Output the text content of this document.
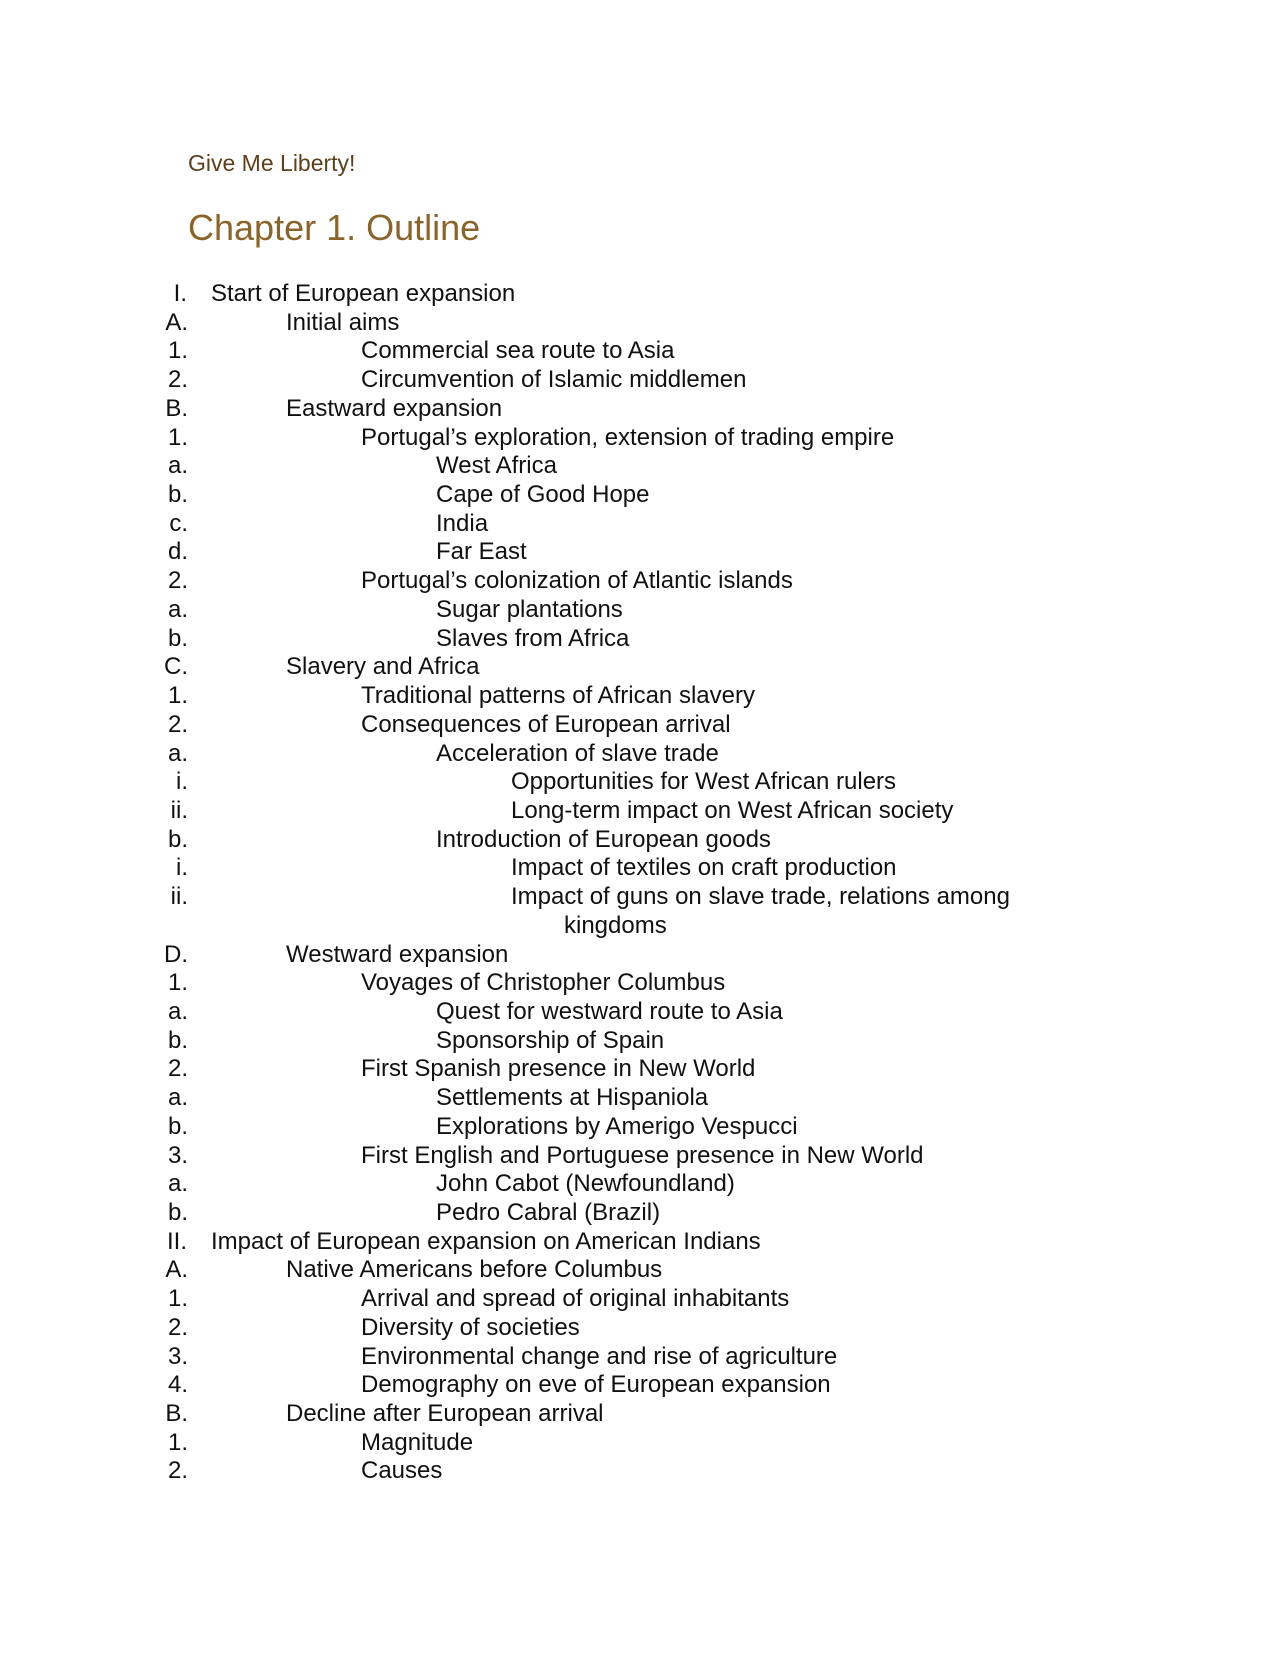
Give Me Liberty!

Chapter 1. Outline
I. Start of European expansion
A.	Initial aims
1.	Commercial sea route to Asia
2.	Circumvention of Islamic middlemen
B.	Eastward expansion
1.	Portugal’s exploration, extension of trading empire
a.	West Africa
b.	Cape of Good Hope
c.	India
d.	Far East
2.	Portugal’s colonization of Atlantic islands
a.	Sugar plantations
b.	Slaves from Africa
C.	Slavery and Africa
1.	Traditional patterns of African slavery
2.	Consequences of European arrival
a.	Acceleration of slave trade
i.	Opportunities for West African rulers
ii.	Long-term impact on West African society
b.	Introduction of European goods
i.	Impact of textiles on craft production
ii.	Impact of guns on slave trade, relations among
kingdoms
D.	Westward expansion
1.	Voyages of Christopher Columbus
a.	Quest for westward route to Asia
b.	Sponsorship of Spain
2.	First Spanish presence in New World
a.	Settlements at Hispaniola
b.	Explorations by Amerigo Vespucci
3.	First English and Portuguese presence in New World
a.	John Cabot (Newfoundland)
b.	Pedro Cabral (Brazil)
II. Impact of European expansion on American Indians
A.	Native Americans before Columbus
1.	Arrival and spread of original inhabitants
2.	Diversity of societies
3.	Environmental change and rise of agriculture
4.	Demography on eve of European expansion
B.	Decline after European arrival
1.	Magnitude
2.	Causes
